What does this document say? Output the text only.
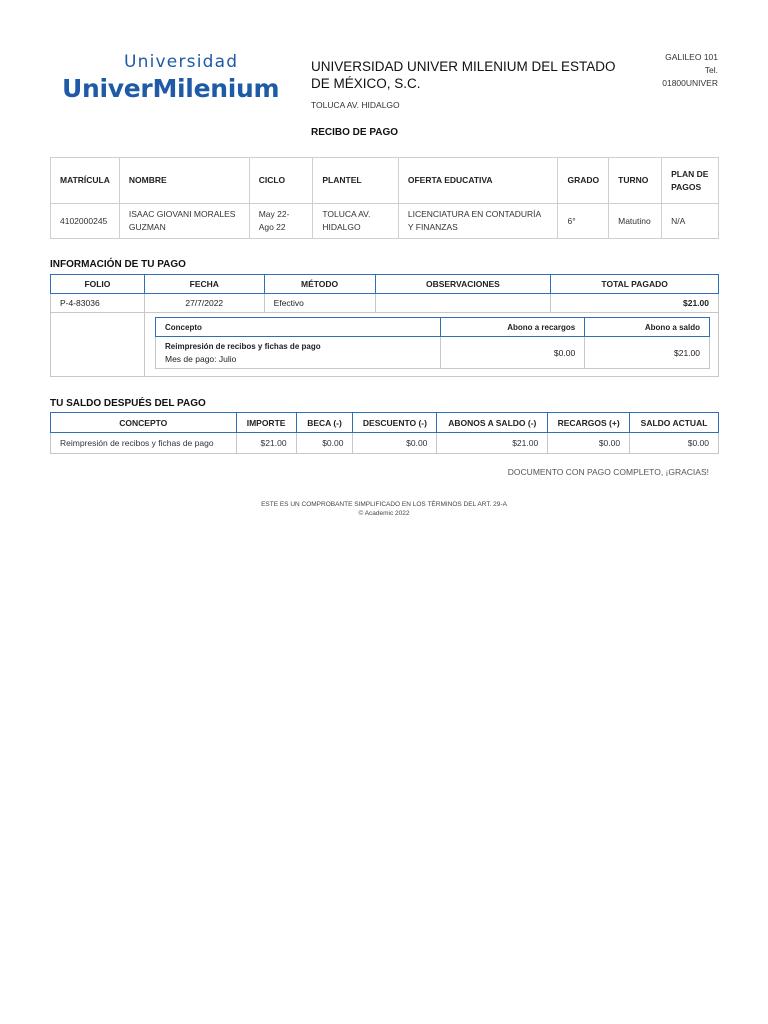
Universidad
UniverMilenium
UNIVERSIDAD UNIVER MILENIUM DEL ESTADO DE MÉXICO, S.C.
TOLUCA AV. HIDALGO
GALILEO 101
Tel.
01800UNIVER
RECIBO DE PAGO
MATRÍCULA	NOMBRE	CICLO	PLANTEL	OFERTA EDUCATIVA	GRADO	TURNO	PLAN DE PAGOS
4102000245	ISAAC GIOVANI MORALES GUZMAN	May 22-Ago 22	TOLUCA AV. HIDALGO	LICENCIATURA EN CONTADURÍA Y FINANZAS	6°	Matutino	N/A
INFORMACIÓN DE TU PAGO
FOLIO	FECHA	MÉTODO	OBSERVACIONES	TOTAL PAGADO
P-4-83036	27/7/2022	Efectivo		$21.00
Concepto	Abono a recargos	Abono a saldo

Reimpresión de recibos y fichas de pago
Mes de pago: Julio	$0.00	$21.00
TU SALDO DESPUÉS DEL PAGO
CONCEPTO	IMPORTE	BECA (-)	DESCUENTO (-)	ABONOS A SALDO (-)	RECARGOS (+)	SALDO ACTUAL
Reimpresión de recibos y fichas de pago	$21.00	$0.00	$0.00	$21.00	$0.00	$0.00
DOCUMENTO CON PAGO COMPLETO, ¡GRACIAS!
ESTE ES UN COMPROBANTE SIMPLIFICADO EN LOS TÉRMINOS DEL ART. 29-A
© Academic 2022
